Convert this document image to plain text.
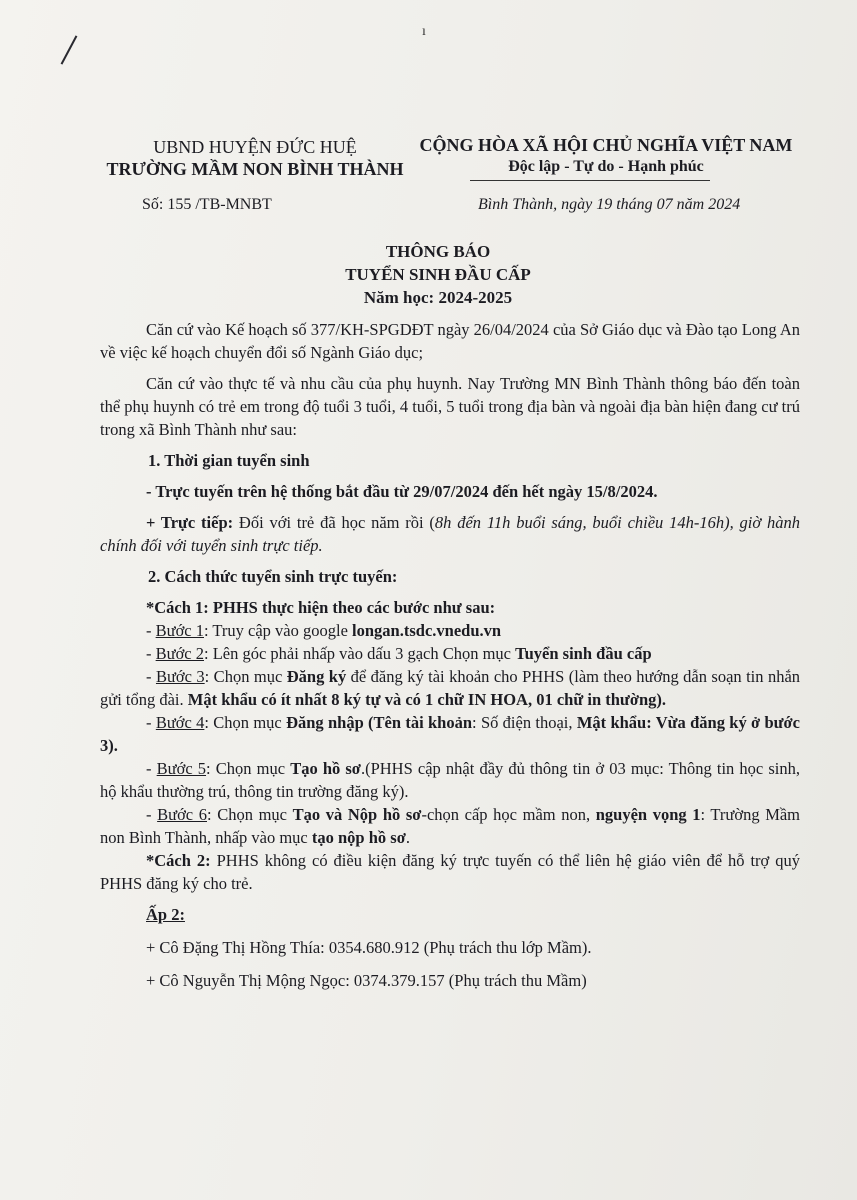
ı
UBND HUYỆN ĐỨC HUỆ
TRƯỜNG MẦM NON BÌNH THÀNH
CỘNG HÒA XÃ HỘI CHỦ NGHĨA VIỆT NAM
Độc lập - Tự do - Hạnh phúc
Số: 155 /TB-MNBT	Bình Thành, ngày 19 tháng 07 năm 2024
THÔNG BÁO
TUYỂN SINH ĐẦU CẤP
Năm học: 2024-2025

Căn cứ vào Kế hoạch số 377/KH-SPGDĐT ngày 26/04/2024 của Sở Giáo dục và Đào tạo Long An về việc kế hoạch chuyển đổi số Ngành Giáo dục;

Căn cứ vào thực tế và nhu cầu của phụ huynh. Nay Trường MN Bình Thành thông báo đến toàn thể phụ huynh có trẻ em trong độ tuổi 3 tuổi, 4 tuổi, 5 tuổi trong địa bàn và ngoài địa bàn hiện đang cư trú trong xã Bình Thành như sau:

1. Thời gian tuyển sinh

- Trực tuyến trên hệ thống bắt đầu từ 29/07/2024 đến hết ngày 15/8/2024.

+ Trực tiếp: Đối với trẻ đã học năm rồi (8h đến 11h buổi sáng, buổi chiều 14h-16h), giờ hành chính đối với tuyển sinh trực tiếp.

2. Cách thức tuyển sinh trực tuyến:

*Cách 1: PHHS thực hiện theo các bước như sau:

- Bước 1: Truy cập vào google longan.tsdc.vnedu.vn

- Bước 2: Lên góc phải nhấp vào dấu 3 gạch Chọn mục Tuyển sinh đầu cấp

- Bước 3: Chọn mục Đăng ký để đăng ký tài khoản cho PHHS (làm theo hướng dẫn soạn tin nhắn gửi tổng đài. Mật khẩu có ít nhất 8 ký tự và có 1 chữ IN HOA, 01 chữ in thường).

- Bước 4: Chọn mục Đăng nhập (Tên tài khoản: Số điện thoại, Mật khẩu: Vừa đăng ký ở bước 3).

- Bước 5: Chọn mục Tạo hồ sơ.(PHHS cập nhật đầy đủ thông tin ở 03 mục: Thông tin học sinh, hộ khẩu thường trú, thông tin trường đăng ký).

- Bước 6: Chọn mục Tạo và Nộp hồ sơ-chọn cấp học mầm non, nguyện vọng 1: Trường Mầm non Bình Thành, nhấp vào mục tạo nộp hồ sơ.

*Cách 2: PHHS không có điều kiện đăng ký trực tuyến có thể liên hệ giáo viên để hỗ trợ quý PHHS đăng ký cho trẻ.

Ấp 2:

+ Cô Đặng Thị Hồng Thía: 0354.680.912 (Phụ trách thu lớp Mầm).

+ Cô Nguyễn Thị Mộng Ngọc: 0374.379.157 (Phụ trách thu Mầm)
